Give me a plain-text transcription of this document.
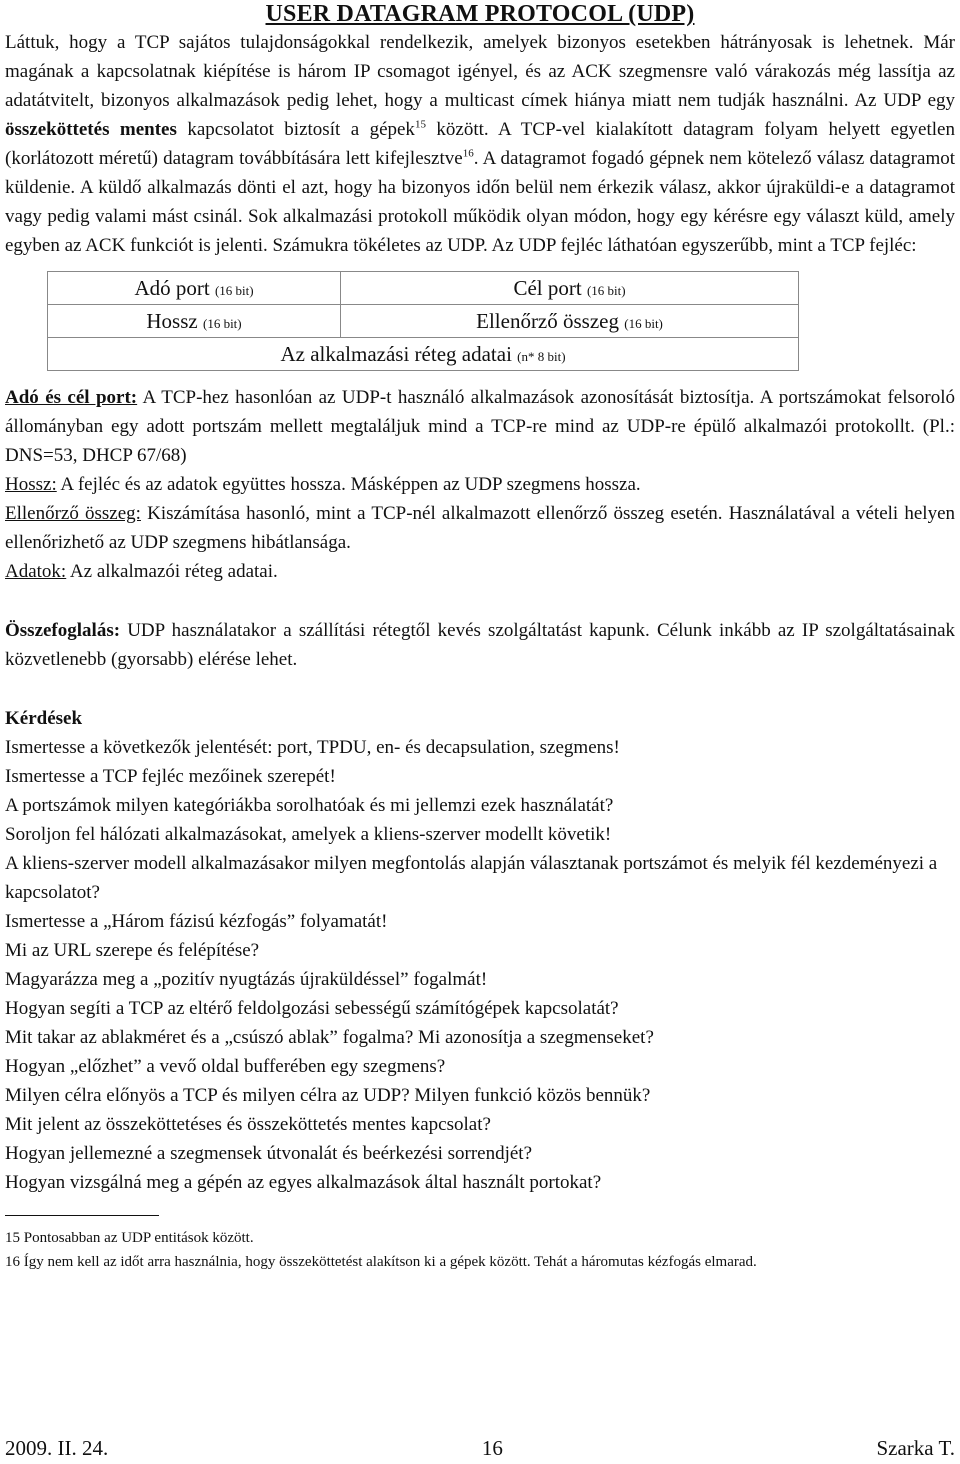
USER DATAGRAM PROTOCOL (UDP)

Láttuk, hogy a TCP sajátos tulajdonságokkal rendelkezik, amelyek bizonyos esetekben hátrányosak is lehetnek. Már magának a kapcsolatnak kiépítése is három IP csomagot igényel, és az ACK szegmensre való várakozás még lassítja az adatátvitelt, bizonyos alkalmazások pedig lehet, hogy a multicast címek hiánya miatt nem tudják használni. Az UDP egy összeköttetés mentes kapcsolatot biztosít a gépek$^{15}$ között. A TCP-vel kialakított datagram folyam helyett egyetlen (korlátozott méretű) datagram továbbítására lett kifejlesztve$^{16}$. A datagramot fogadó gépnek nem kötelező válasz datagramot küldenie. A küldő alkalmazás dönti el azt, hogy ha bizonyos időn belül nem érkezik válasz, akkor újraküldi-e a datagramot vagy pedig valami mást csinál. Sok alkalmazási protokoll működik olyan módon, hogy egy kérésre egy választ küld, amely egyben az ACK funkciót is jelenti. Számukra tökéletes az UDP. Az UDP fejléc láthatóan egyszerűbb, mint a TCP fejléc:

Adó port (16 bit)	Cél port (16 bit)
Hossz (16 bit)	Ellenőrző összeg (16 bit)
Az alkalmazási réteg adatai (n* 8 bit)	

Adó és cél port: A TCP-hez hasonlóan az UDP-t használó alkalmazások azonosítását biztosítja. A portszámokat felsoroló állományban egy adott portszám mellett megtaláljuk mind a TCP-re mind az UDP-re épülő alkalmazói protokollt. (Pl.: DNS=53, DHCP 67/68)

Hossz: A fejléc és az adatok együttes hossza. Másképpen az UDP szegmens hossza.

Ellenőrző összeg: Kiszámítása hasonló, mint a TCP-nél alkalmazott ellenőrző összeg esetén. Használatával a vételi helyen ellenőrizhető az UDP szegmens hibátlansága.

Adatok: Az alkalmazói réteg adatai.

Összefoglalás: UDP használatakor a szállítási rétegtől kevés szolgáltatást kapunk. Célunk inkább az IP szolgáltatásainak közvetlenebb (gyorsabb) elérése lehet.

Kérdések

Ismertesse a következők jelentését: port, TPDU, en- és decapsulation, szegmens!

Ismertesse a TCP fejléc mezőinek szerepét!

A portszámok milyen kategóriákba sorolhatóak és mi jellemzi ezek használatát?

Soroljon fel hálózati alkalmazásokat, amelyek a kliens-szerver modellt követik!

A kliens-szerver modell alkalmazásakor milyen megfontolás alapján választanak portszámot és melyik fél kezdeményezi a kapcsolatot?

Ismertesse a „Három fázisú kézfogás” folyamatát!

Mi az URL szerepe és felépítése?

Magyarázza meg a „pozitív nyugtázás újraküldéssel” fogalmát!

Hogyan segíti a TCP az eltérő feldolgozási sebességű számítógépek kapcsolatát?

Mit takar az ablakméret és a „csúszó ablak” fogalma? Mi azonosítja a szegmenseket?

Hogyan „előzhet” a vevő oldal bufferében egy szegmens?

Milyen célra előnyös a TCP és milyen célra az UDP? Milyen funkció közös bennük?

Mit jelent az összeköttetéses és összeköttetés mentes kapcsolat?

Hogyan jellemezné a szegmensek útvonalát és beérkezési sorrendjét?

Hogyan vizsgálná meg a gépén az egyes alkalmazások által használt portokat?

15 Pontosabban az UDP entitások között.

16 Így nem kell az időt arra használnia, hogy összeköttetést alakítson ki a gépek között. Tehát a háromutas kézfogás elmarad.

2009. II. 24.	16	Szarka T.
